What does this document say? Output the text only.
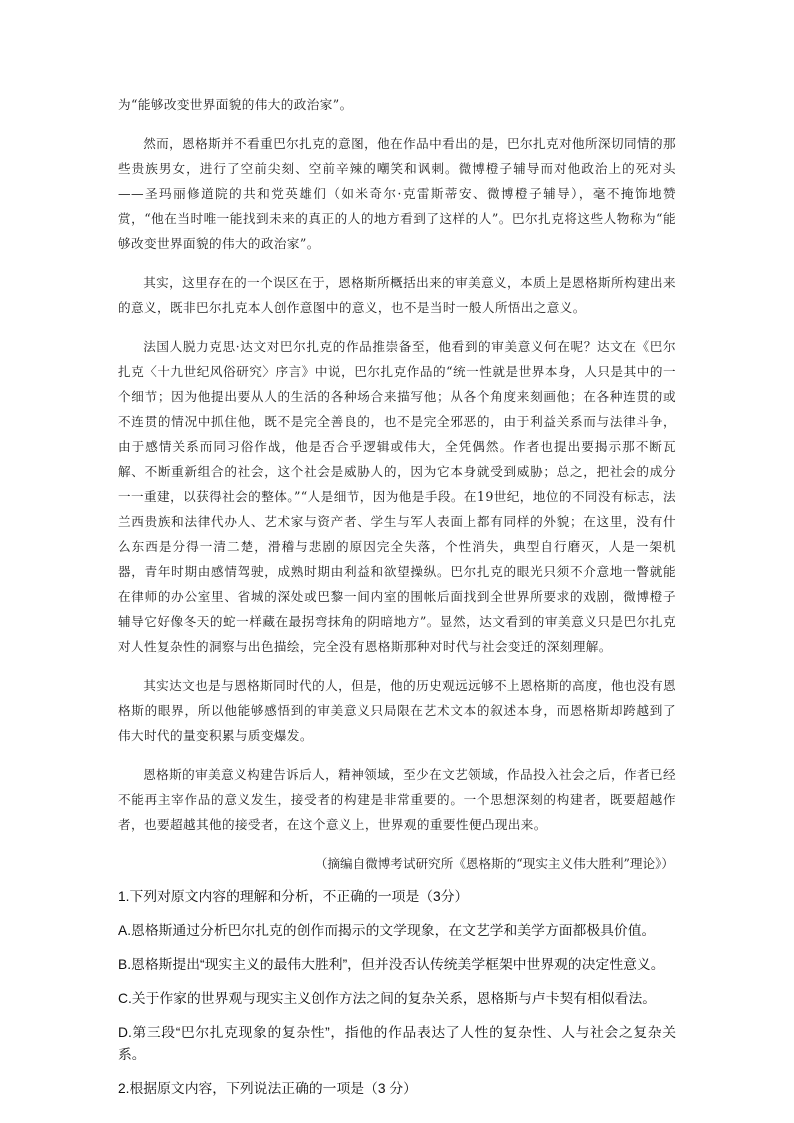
为“能够改变世界面貌的伟大的政治家”。

然而，恩格斯并不看重巴尔扎克的意图，他在作品中看出的是，巴尔扎克对他所深切同情的那些贵族男女，进行了空前尖刻、空前辛辣的嘲笑和讽刺。微博橙子辅导而对他政治上的死对头——圣玛丽修道院的共和党英雄们（如米奇尔·克雷斯蒂安、微博橙子辅导），毫不掩饰地赞赏，“他在当时唯一能找到未来的真正的人的地方看到了这样的人”。巴尔扎克将这些人物称为“能够改变世界面貌的伟大的政治家”。

其实，这里存在的一个误区在于，恩格斯所概括出来的审美意义，本质上是恩格斯所构建出来的意义，既非巴尔扎克本人创作意图中的意义，也不是当时一般人所悟出之意义。

法国人脱力克思·达文对巴尔扎克的作品推崇备至，他看到的审美意义何在呢？达文在《巴尔扎克〈十九世纪风俗研究〉序言》中说，巴尔扎克作品的“统一性就是世界本身，人只是其中的一个细节；因为他提出要从人的生活的各种场合来描写他；从各个角度来刻画他；在各种连贯的或不连贯的情况中抓住他，既不是完全善良的，也不是完全邪恶的，由于利益关系而与法律斗争，由于感情关系而同习俗作战，他是否合乎逻辑或伟大，全凭偶然。作者也提出要揭示那不断瓦解、不断重新组合的社会，这个社会是威胁人的，因为它本身就受到威胁；总之，把社会的成分一一重建，以获得社会的整体。”“人是细节，因为他是手段。在19世纪，地位的不同没有标志，法兰西贵族和法律代办人、艺术家与资产者、学生与军人表面上都有同样的外貌；在这里，没有什么东西是分得一清二楚，滑稽与悲剧的原因完全失落，个性消失，典型自行磨灭，人是一架机器，青年时期由感情驾驶，成熟时期由利益和欲望操纵。巴尔扎克的眼光只须不介意地一瞥就能在律师的办公室里、省城的深处或巴黎一间内室的围帐后面找到全世界所要求的戏剧，微博橙子辅导它好像冬天的蛇一样藏在最拐弯抹角的阴暗地方”。显然，达文看到的审美意义只是巴尔扎克对人性复杂性的洞察与出色描绘，完全没有恩格斯那种对时代与社会变迁的深刻理解。

其实达文也是与恩格斯同时代的人，但是，他的历史观远远够不上恩格斯的高度，他也没有恩格斯的眼界，所以他能够感悟到的审美意义只局限在艺术文本的叙述本身，而恩格斯却跨越到了伟大时代的量变积累与质变爆发。

恩格斯的审美意义构建告诉后人，精神领域，至少在文艺领域，作品投入社会之后，作者已经不能再主宰作品的意义发生，接受者的构建是非常重要的。一个思想深刻的构建者，既要超越作者，也要超越其他的接受者，在这个意义上，世界观的重要性便凸现出来。

（摘编自微博考试研究所《恩格斯的“现实主义伟大胜利”理论》）
1.下列对原文内容的理解和分析，不正确的一项是（3分）
A.恩格斯通过分析巴尔扎克的创作而揭示的文学现象，在文艺学和美学方面都极具价值。
B.恩格斯提出“现实主义的最伟大胜利”，但并没否认传统美学框架中世界观的决定性意义。
C.关于作家的世界观与现实主义创作方法之间的复杂关系，恩格斯与卢卡契有相似看法。
D.第三段“巴尔扎克现象的复杂性”，指他的作品表达了人性的复杂性、人与社会之复杂关系。
2.根据原文内容，下列说法正确的一项是（3 分）
